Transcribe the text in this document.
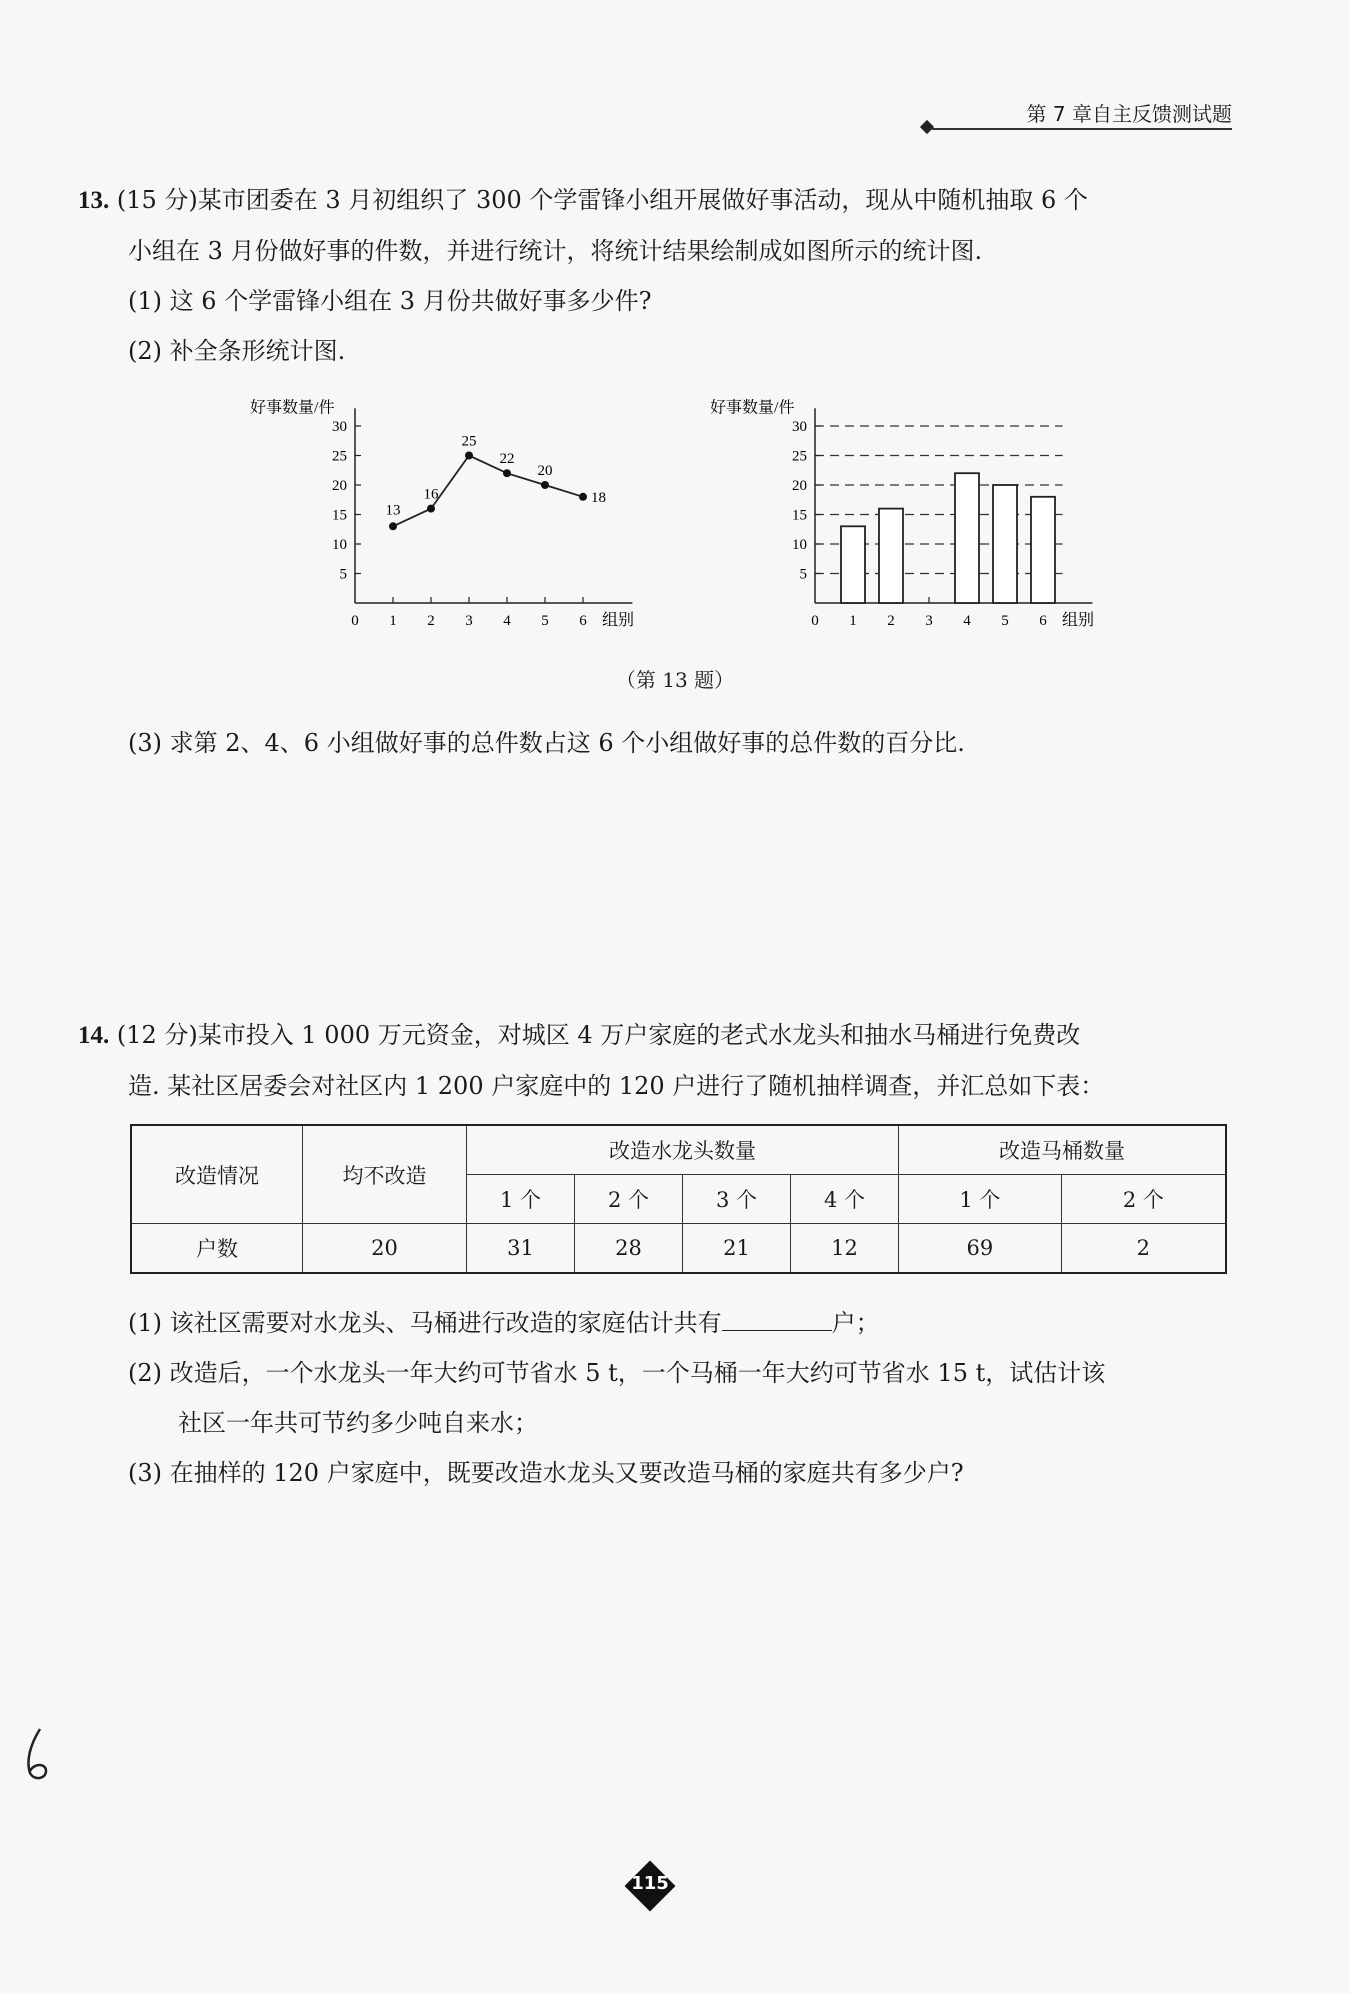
第 7 章自主反馈测试题
13. (15 分)某市团委在 3 月初组织了 300 个学雷锋小组开展做好事活动，现从中随机抽取 6 个
小组在 3 月份做好事的件数，并进行统计，将统计结果绘制成如图所示的统计图.
(1) 这 6 个学雷锋小组在 3 月份共做好事多少件?
(2) 补全条形统计图.
好事数量/件
组别
5
10
15
20
25
30
0 1 2 3 4 5 6
13
16
25
22
20
18
好事数量/件
组别
5
10
15
20
25
30
0 1 2 3 4 5 6
（第 13 题）
(3) 求第 2、4、6 小组做好事的总件数占这 6 个小组做好事的总件数的百分比.
14. (12 分)某市投入 1 000 万元资金，对城区 4 万户家庭的老式水龙头和抽水马桶进行免费改
造. 某社区居委会对社区内 1 200 户家庭中的 120 户进行了随机抽样调查，并汇总如下表：
改造情况	均不改造	改造水龙头数量				改造马桶数量	
		1 个	2 个	3 个	4 个	1 个	2 个
户数	20	31	28	21	12	69	2
(1) 该社区需要对水龙头、马桶进行改造的家庭估计共有	户；
(2) 改造后，一个水龙头一年大约可节省水 5 t，一个马桶一年大约可节省水 15 t，试估计该
社区一年共可节约多少吨自来水；
(3) 在抽样的 120 户家庭中，既要改造水龙头又要改造马桶的家庭共有多少户?
115
